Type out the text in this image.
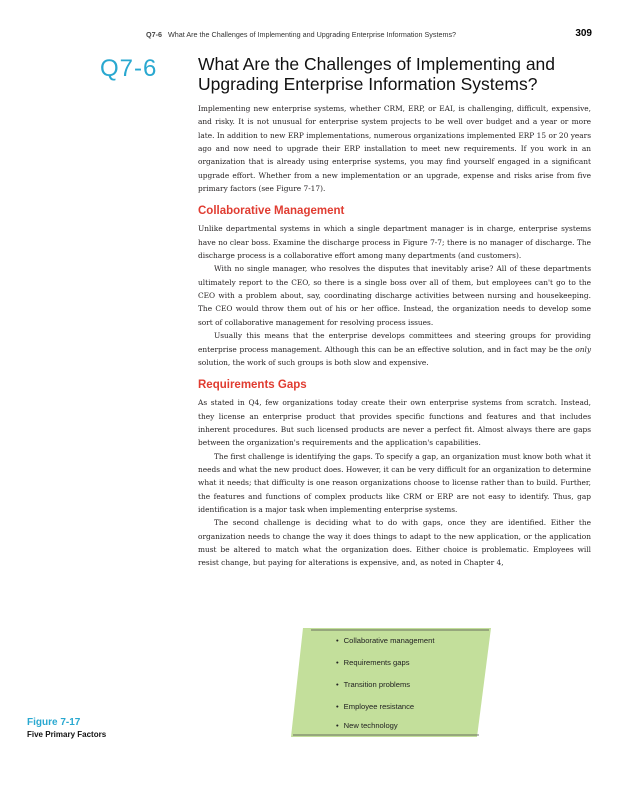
Q7-6 What Are the Challenges of Implementing and Upgrading Enterprise Information Systems?	309
Q7-6 What Are the Challenges of Implementing and
Upgrading Enterprise Information Systems?

Implementing new enterprise systems, whether CRM, ERP, or EAI, is challenging, difficult, expensive, and risky. It is not unusual for enterprise system projects to be well over budget and a year or more late. In addition to new ERP implementations, numerous organizations implemented ERP 15 or 20 years ago and now need to upgrade their ERP installation to meet new requirements. If you work in an organization that is already using enterprise systems, you may find yourself engaged in a significant upgrade effort. Whether from a new implementation or an upgrade, expense and risks arise from five primary factors (see Figure 7-17).

Collaborative Management

Unlike departmental systems in which a single department manager is in charge, enterprise systems have no clear boss. Examine the discharge process in Figure 7-7; there is no manager of discharge. The discharge process is a collaborative effort among many departments (and customers).

With no single manager, who resolves the disputes that inevitably arise? All of these departments ultimately report to the CEO, so there is a single boss over all of them, but employees can't go to the CEO with a problem about, say, coordinating discharge activities between nursing and housekeeping. The CEO would throw them out of his or her office. Instead, the organization needs to develop some sort of collaborative management for resolving process issues.

Usually this means that the enterprise develops committees and steering groups for providing enterprise process management. Although this can be an effective solution, and in fact may be the only solution, the work of such groups is both slow and expensive.

Requirements Gaps

As stated in Q4, few organizations today create their own enterprise systems from scratch. Instead, they license an enterprise product that provides specific functions and features and that includes inherent procedures. But such licensed products are never a perfect fit. Almost always there are gaps between the organization's requirements and the application's capabilities.

The first challenge is identifying the gaps. To specify a gap, an organization must know both what it needs and what the new product does. However, it can be very difficult for an organization to determine what it needs; that difficulty is one reason organizations choose to license rather than to build. Further, the features and functions of complex products like CRM or ERP are not easy to identify. Thus, gap identification is a major task when implementing enterprise systems.

The second challenge is deciding what to do with gaps, once they are identified. Either the organization needs to change the way it does things to adapt to the new application, or the application must be altered to match what the organization does. Either choice is problematic. Employees will resist change, but paying for alterations is expensive, and, as noted in Chapter 4,

• Collaborative management
• Requirements gaps
• Transition problems
• Employee resistance
• New technology
Figure 7-17
Five Primary Factors
